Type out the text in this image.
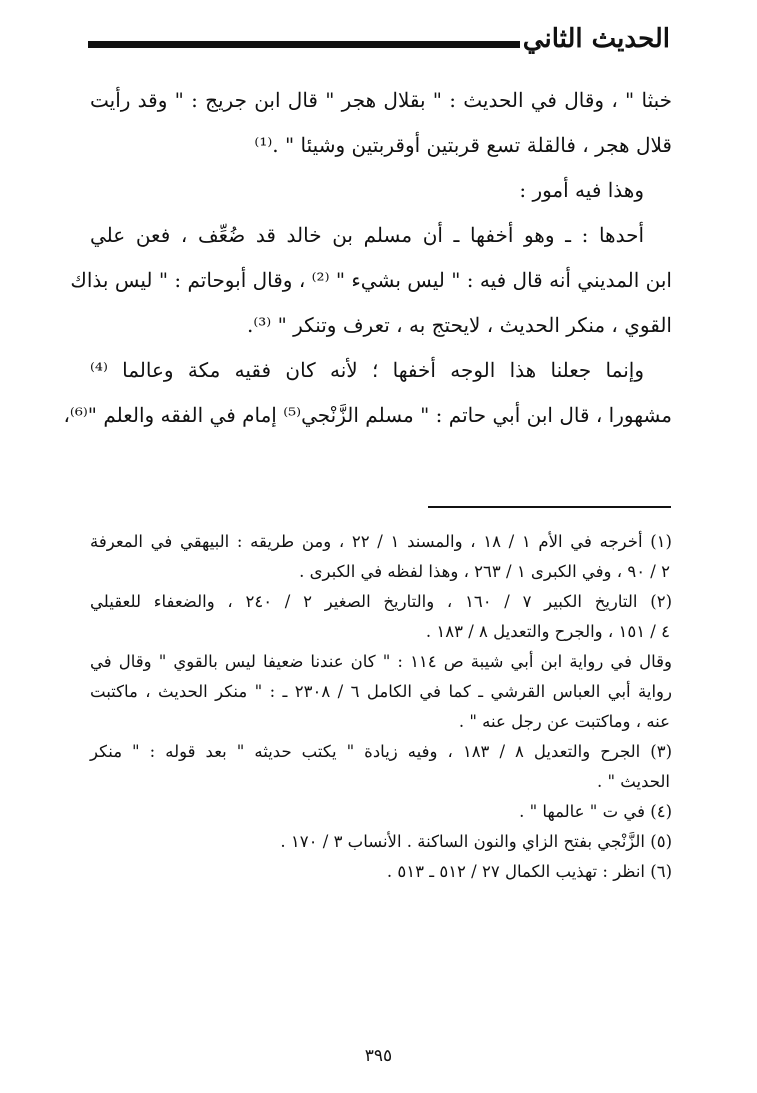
الحديث الثاني
خبثا " ، وقال في الحديث : " بقلال هجر " قال ابن جريج : " وقد رأيت
قلال هجر ، فالقلة تسع قربتين أوقربتين وشيئا " .⁽¹⁾
وهذا فيه أمور :
أحدها : ـ وهو أخفها ـ أن مسلم بن خالد قد ضُعِّف ، فعن علي
ابن المديني أنه قال فيه : " ليس بشيء " ⁽²⁾ ، وقال أبوحاتم : " ليس بذاك
القوي ، منكر الحديث ، لايحتج به ، تعرف وتنكر " ⁽³⁾.
وإنما جعلنا هذا الوجه أخفها ؛ لأنه كان فقيه مكة وعالما ⁽⁴⁾
مشهورا ، قال ابن أبي حاتم : " مسلم الزَّنْجي⁽⁵⁾ إمام في الفقه والعلم "⁽⁶⁾،
(١) أخرجه في الأم ١ / ١٨ ، والمسند ١ / ٢٢ ، ومن طريقه : البيهقي في المعرفة
٢ / ٩٠ ، وفي الكبرى ١ / ٢٦٣ ، وهذا لفظه في الكبرى .
(٢) التاريخ الكبير ٧ / ١٦٠ ، والتاريخ الصغير ٢ / ٢٤٠ ، والضعفاء للعقيلي
٤ / ١٥١ ، والجرح والتعديل ٨ / ١٨٣ .
وقال في رواية ابن أبي شيبة ص ١١٤ : " كان عندنا ضعيفا ليس بالقوي " وقال في
رواية أبي العباس القرشي ـ كما في الكامل ٦ / ٢٣٠٨ ـ : " منكر الحديث ، ماكتبت
عنه ، وماكتبت عن رجل عنه " .
(٣) الجرح والتعديل ٨ / ١٨٣ ، وفيه زيادة " يكتب حديثه " بعد قوله : " منكر
الحديث " .
(٤) في ت " عالمها " .
(٥) الزَّنْجي بفتح الزاي والنون الساكنة . الأنساب ٣ / ١٧٠ .
(٦) انظر : تهذيب الكمال ٢٧ / ٥١٢ ـ ٥١٣ .
٣٩٥
